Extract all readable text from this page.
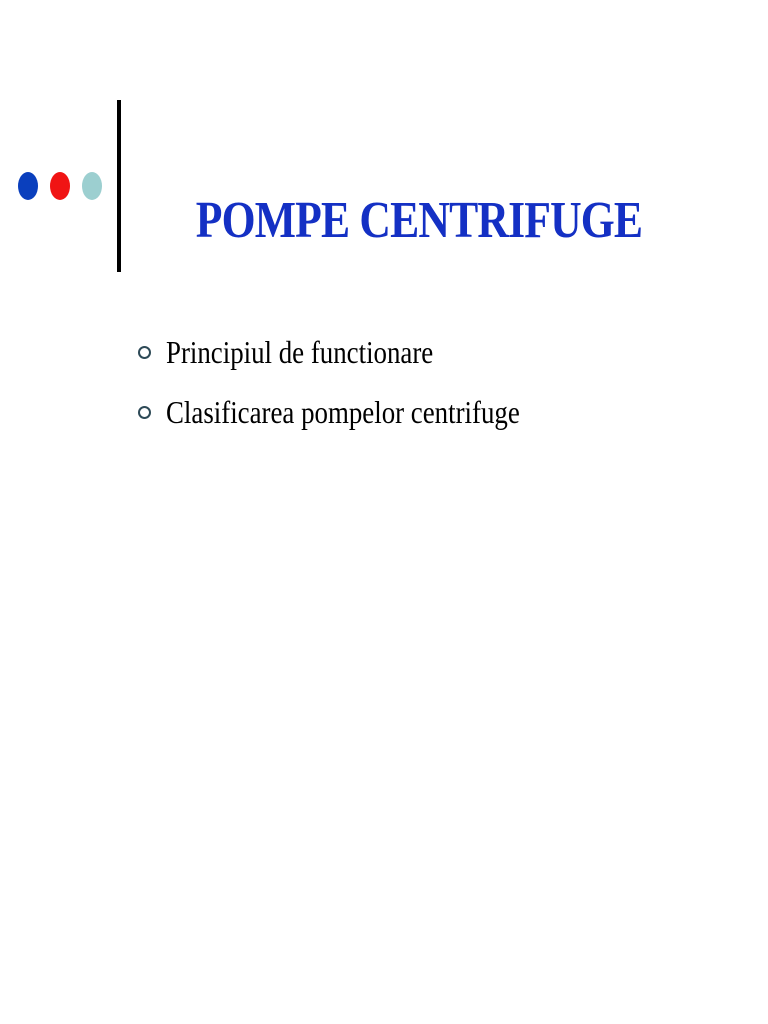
POMPE CENTRIFUGE
Principiul de functionare
Clasificarea pompelor centrifuge
